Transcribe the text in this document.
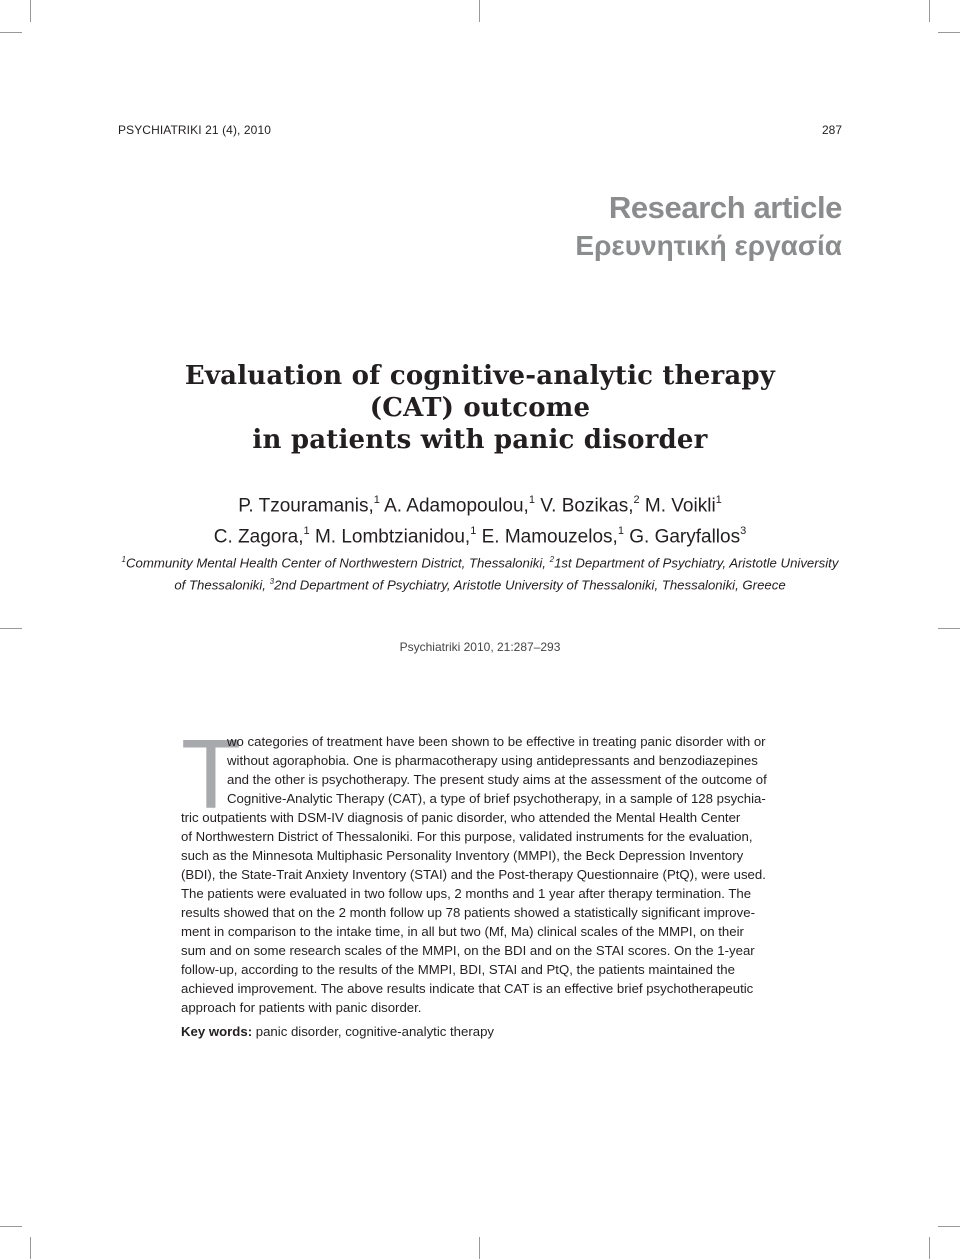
PSYCHIATRIKI 21 (4), 2010	287
Research article
Ερευνητική εργασία
Evaluation of cognitive-analytic therapy
(CAT) outcome
in patients with panic disorder
P. Tzouramanis,$^1$ A. Adamopoulou,$^1$ V. Bozikas,$^2$ M. Voikli$^1$
C. Zagora,$^1$ M. Lombtzianidou,$^1$ E. Mamouzelos,$^1$ G. Garyfallos$^3$
$^1$Community Mental Health Center of Northwestern District, Thessaloniki, $^2$1st Department of Psychiatry, Aristotle University
of Thessaloniki, $^3$2nd Department of Psychiatry, Aristotle University of Thessaloniki, Thessaloniki, Greece
Psychiatriki 2010, 21:287–293
T
wo categories of treatment have been shown to be effective in treating panic disorder with or
without agoraphobia. One is pharmacotherapy using antidepressants and benzodiazepines
and the other is psychotherapy. The present study aims at the assessment of the outcome of
Cognitive-Analytic Therapy (CAT), a type of brief psychotherapy, in a sample of 128 psychia-
tric outpatients with DSM-IV diagnosis of panic disorder, who attended the Mental Health Center
of Northwestern District of Thessaloniki. For this purpose, validated instruments for the evaluation,
such as the Minnesota Multiphasic Personality Inventory (MMPI), the Beck Depression Inventory
(BDI), the State-Trait Anxiety Inventory (STAI) and the Post-therapy Questionnaire (PtQ), were used.
The patients were evaluated in two follow ups, 2 months and 1 year after therapy termination. The
results showed that on the 2 month follow up 78 patients showed a statistically significant improve-
ment in comparison to the intake time, in all but two (Mf, Ma) clinical scales of the MMPI, on their
sum and on some research scales of the MMPI, on the BDI and on the STAI scores. On the 1-year
follow-up, according to the results of the MMPI, BDI, STAI and PtQ, the patients maintained the
achieved improvement. The above results indicate that CAT is an effective brief psychotherapeutic
approach for patients with panic disorder.
Key words: panic disorder, cognitive-analytic therapy
